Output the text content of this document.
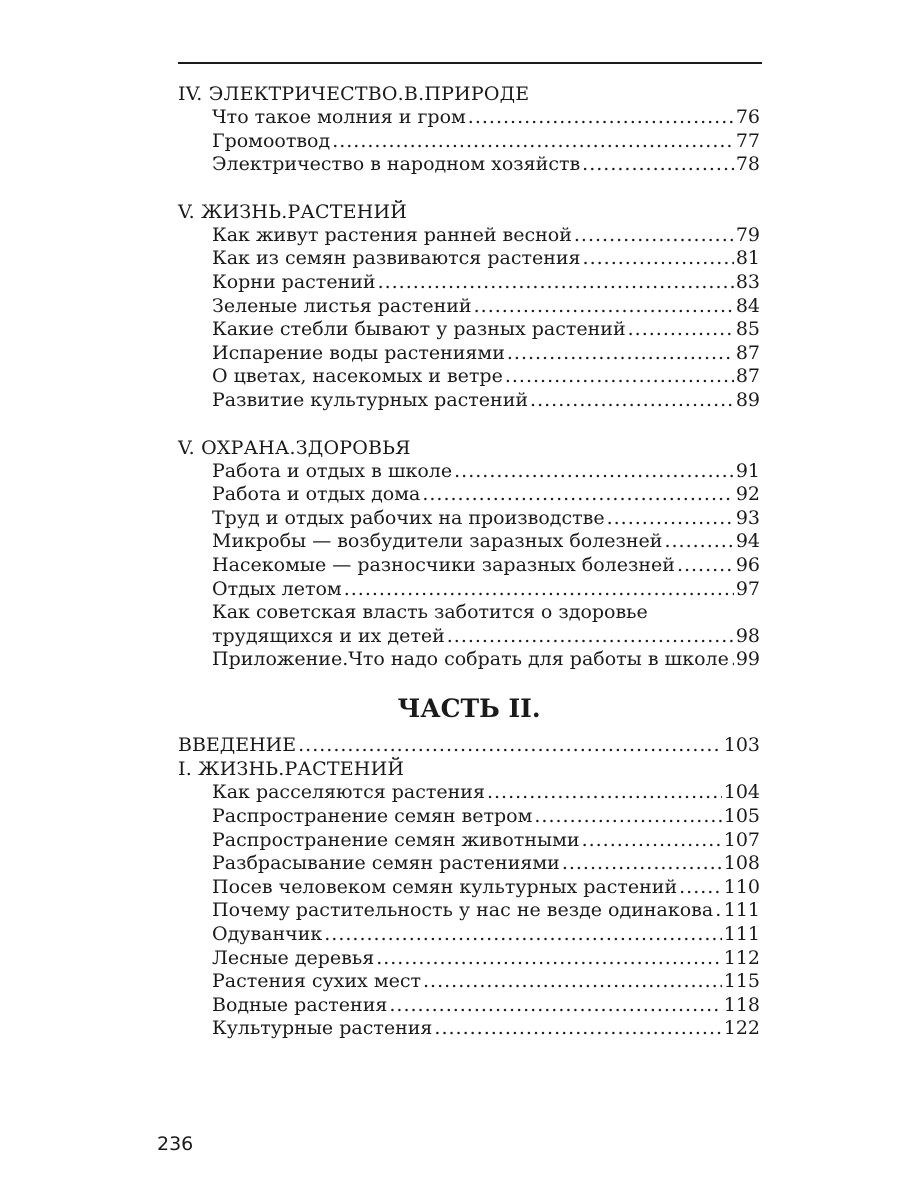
IV. ЭЛЕКТРИЧЕСТВО.В.ПРИРОДЕ
Что такое молния и гром .....	76
Громоотвод .....	77
Электричество в народном хозяйств .....	78
V. ЖИЗНЬ.РАСТЕНИЙ
Как живут растения ранней весной .....	79
Как из семян развиваются растения .....	81
Корни растений .....	83
Зеленые листья растений .....	84
Какие стебли бывают у разных растений .....	85
Испарение воды растениями .....	87
О цветах, насекомых и ветре .....	87
Развитие культурных растений .....	89
V. ОХРАНА.ЗДОРОВЬЯ
Работа и отдых в школе .....	91
Работа и отдых дома .....	92
Труд и отдых рабочих на производстве .....	93
Микробы — возбудители заразных болезней .....	94
Насекомые — разносчики заразных болезней .....	96
Отдых летом .....	97
Как советская власть заботится о здоровье
трудящихся и их детей .....	98
Приложение.Что надо собрать для работы в школе ..... 99
ЧАСТЬ II.
ВВЕДЕНИЕ .....	103
I. ЖИЗНЬ.РАСТЕНИЙ
Как расселяются растения .....	104
Распространение семян ветром .....	105
Распространение семян животными .....	107
Разбрасывание семян растениями .....	108
Посев человеком семян культурных растений ..... 110
Почему растительность у нас не везде одинакова ..... 111
Одуванчик .....	111
Лесные деревья .....	112
Растения сухих мест .....	115
Водные растения .....	118
Культурные растения .....	122
236
